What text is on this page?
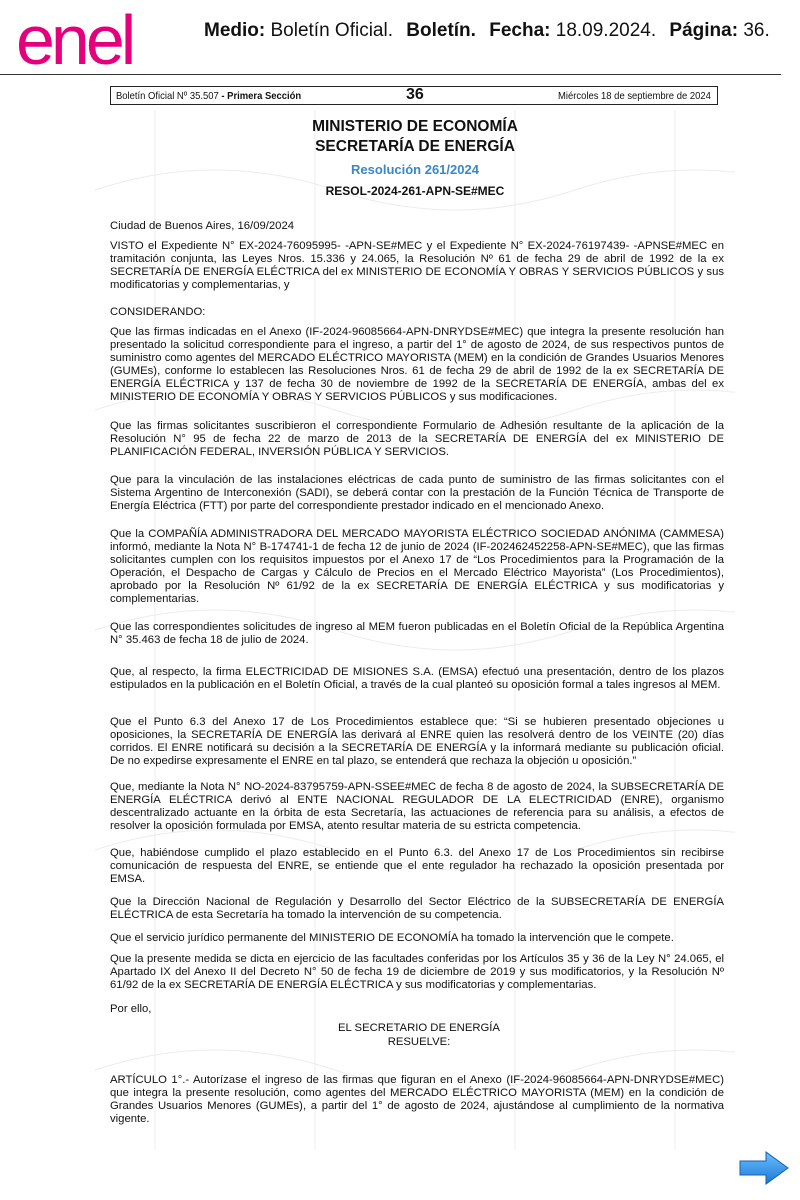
enel	Medio: Boletín Oficial. Boletín. Fecha: 18.09.2024. Página: 36.
Boletín Oficial Nº 35.507 - Primera Sección	36	Miércoles 18 de septiembre de 2024
MINISTERIO DE ECONOMÍA
SECRETARÍA DE ENERGÍA
Resolución 261/2024
RESOL-2024-261-APN-SE#MEC
Ciudad de Buenos Aires, 16/09/2024
VISTO el Expediente N° EX-2024-76095995- -APN-SE#MEC y el Expediente N° EX-2024-76197439- -APNSE#MEC en tramitación conjunta, las Leyes Nros. 15.336 y 24.065, la Resolución Nº 61 de fecha 29 de abril de 1992 de la ex SECRETARÍA DE ENERGÍA ELÉCTRICA del ex MINISTERIO DE ECONOMÍA Y OBRAS Y SERVICIOS PÚBLICOS y sus modificatorias y complementarias, y
CONSIDERANDO:
Que las firmas indicadas en el Anexo (IF-2024-96085664-APN-DNRYDSE#MEC) que integra la presente resolución han presentado la solicitud correspondiente para el ingreso, a partir del 1° de agosto de 2024, de sus respectivos puntos de suministro como agentes del MERCADO ELÉCTRICO MAYORISTA (MEM) en la condición de Grandes Usuarios Menores (GUMEs), conforme lo establecen las Resoluciones Nros. 61 de fecha 29 de abril de 1992 de la ex SECRETARÍA DE ENERGÍA ELÉCTRICA y 137 de fecha 30 de noviembre de 1992 de la SECRETARÍA DE ENERGÍA, ambas del ex MINISTERIO DE ECONOMÍA Y OBRAS Y SERVICIOS PÚBLICOS y sus modificaciones.
Que las firmas solicitantes suscribieron el correspondiente Formulario de Adhesión resultante de la aplicación de la Resolución N° 95 de fecha 22 de marzo de 2013 de la SECRETARÍA DE ENERGÍA del ex MINISTERIO DE PLANIFICACIÓN FEDERAL, INVERSIÓN PÚBLICA Y SERVICIOS.
Que para la vinculación de las instalaciones eléctricas de cada punto de suministro de las firmas solicitantes con el Sistema Argentino de Interconexión (SADI), se deberá contar con la prestación de la Función Técnica de Transporte de Energía Eléctrica (FTT) por parte del correspondiente prestador indicado en el mencionado Anexo.
Que la COMPAÑÍA ADMINISTRADORA DEL MERCADO MAYORISTA ELÉCTRICO SOCIEDAD ANÓNIMA (CAMMESA) informó, mediante la Nota N° B-174741-1 de fecha 12 de junio de 2024 (IF-202462452258-APN-SE#MEC), que las firmas solicitantes cumplen con los requisitos impuestos por el Anexo 17 de “Los Procedimientos para la Programación de la Operación, el Despacho de Cargas y Cálculo de Precios en el Mercado Eléctrico Mayorista” (Los Procedimientos), aprobado por la Resolución Nº 61/92 de la ex SECRETARÍA DE ENERGÍA ELÉCTRICA y sus modificatorias y complementarias.
Que las correspondientes solicitudes de ingreso al MEM fueron publicadas en el Boletín Oficial de la República Argentina N° 35.463 de fecha 18 de julio de 2024.
Que, al respecto, la firma ELECTRICIDAD DE MISIONES S.A. (EMSA) efectuó una presentación, dentro de los plazos estipulados en la publicación en el Boletín Oficial, a través de la cual planteó su oposición formal a tales ingresos al MEM.
Que el Punto 6.3 del Anexo 17 de Los Procedimientos establece que: “Si se hubieren presentado objeciones u oposiciones, la SECRETARÍA DE ENERGÍA las derivará al ENRE quien las resolverá dentro de los VEINTE (20) días corridos. El ENRE notificará su decisión a la SECRETARÍA DE ENERGÍA y la informará mediante su publicación oficial. De no expedirse expresamente el ENRE en tal plazo, se entenderá que rechaza la objeción u oposición.”
Que, mediante la Nota N° NO-2024-83795759-APN-SSEE#MEC de fecha 8 de agosto de 2024, la SUBSECRETARÍA DE ENERGÍA ELÉCTRICA derivó al ENTE NACIONAL REGULADOR DE LA ELECTRICIDAD (ENRE), organismo descentralizado actuante en la órbita de esta Secretaría, las actuaciones de referencia para su análisis, a efectos de resolver la oposición formulada por EMSA, atento resultar materia de su estricta competencia.
Que, habiéndose cumplido el plazo establecido en el Punto 6.3. del Anexo 17 de Los Procedimientos sin recibirse comunicación de respuesta del ENRE, se entiende que el ente regulador ha rechazado la oposición presentada por EMSA.
Que la Dirección Nacional de Regulación y Desarrollo del Sector Eléctrico de la SUBSECRETARÍA DE ENERGÍA ELÉCTRICA de esta Secretaría ha tomado la intervención de su competencia.
Que el servicio jurídico permanente del MINISTERIO DE ECONOMÍA ha tomado la intervención que le compete.
Que la presente medida se dicta en ejercicio de las facultades conferidas por los Artículos 35 y 36 de la Ley N° 24.065, el Apartado IX del Anexo II del Decreto N° 50 de fecha 19 de diciembre de 2019 y sus modificatorios, y la Resolución Nº 61/92 de la ex SECRETARÍA DE ENERGÍA ELÉCTRICA y sus modificatorias y complementarias.
Por ello,
EL SECRETARIO DE ENERGÍA
RESUELVE:
ARTÍCULO 1°.- Autorízase el ingreso de las firmas que figuran en el Anexo (IF-2024-96085664-APN-DNRYDSE#MEC) que integra la presente resolución, como agentes del MERCADO ELÉCTRICO MAYORISTA (MEM) en la condición de Grandes Usuarios Menores (GUMEs), a partir del 1° de agosto de 2024, ajustándose al cumplimiento de la normativa vigente.
